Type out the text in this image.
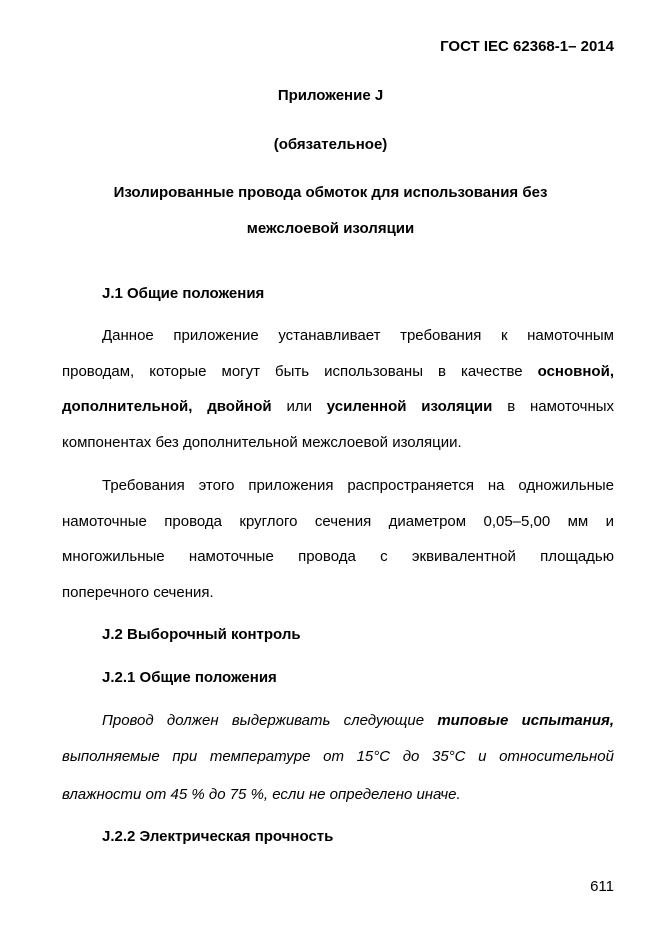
ГОСТ IEC 62368-1– 2014
Приложение J
(обязательное)
Изолированные провода обмоток для использования без
межслоевой изоляции
J.1 Общие положения
Данное приложение устанавливает требования к намоточным
проводам, которые могут быть использованы в качестве основной,
дополнительной, двойной или усиленной изоляции в намоточных
компонентах без дополнительной межслоевой изоляции.
Требования этого приложения распространяется на одножильные
намоточные провода круглого сечения диаметром 0,05–5,00 мм и
многожильные намоточные провода с эквивалентной площадью
поперечного сечения.
J.2 Выборочный контроль
J.2.1 Общие положения
Провод должен выдерживать следующие типовые испытания,
выполняемые при температуре от 15°С до 35°С и относительной
влажности от 45 % до 75 %, если не определено иначе.
J.2.2 Электрическая прочность
611
